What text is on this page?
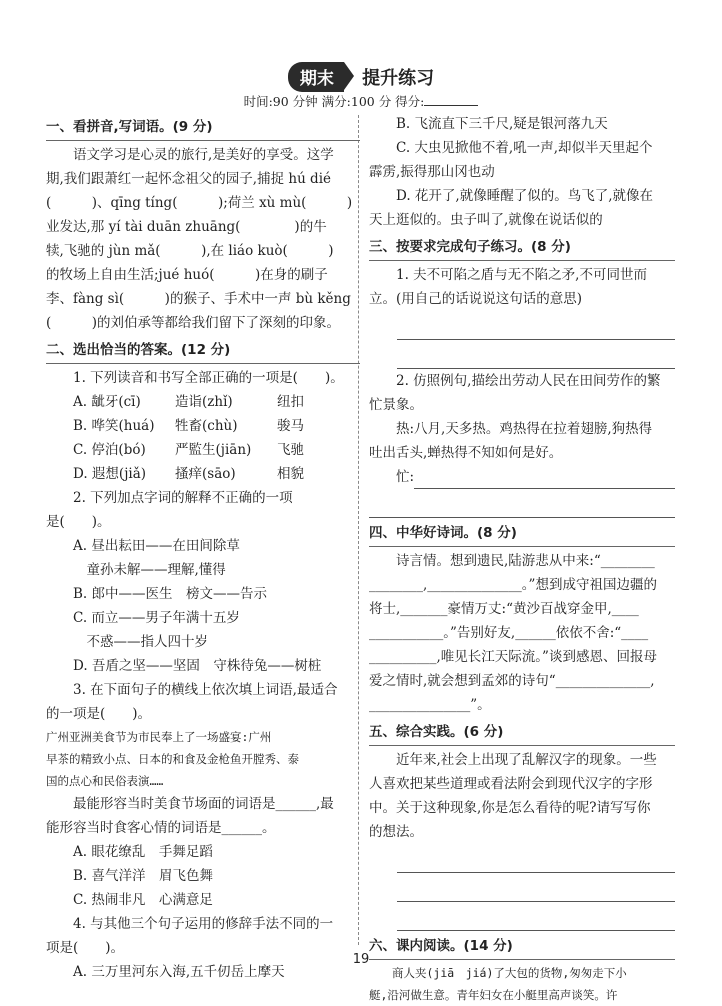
期末 提升练习
时间:90 分钟 满分:100 分 得分:
一、看拼音,写词语。(9 分)

语文学习是心灵的旅行,是美好的享受。这学

期,我们跟萧红一起怀念祖父的园子,捕捉 hú dié

(　　　)、qīng tíng(　　　);荷兰 xù mù(　　　)

业发达,那 yí tài duān zhuāng(　　　　)的牛

犊,飞驰的 jùn mǎ(　　　),在 liáo kuò(　　　)

的牧场上自由生活;jué huó(　　　)在身的刷子

李、fàng sì(　　　)的猴子、手术中一声 bù kěng

(　　　)的刘伯承等都给我们留下了深刻的印象。

二、选出恰当的答案。(12 分)

1. 下列读音和书写全部正确的一项是(　　)。

A. 龇牙(cī)	造诣(zhǐ)	纽扣

B. 哗笑(huá) 牲畜(chù)	骏马

C. 停泊(bó) 严監生(jiān) 飞驰

D. 遐想(jiǎ) 搔痒(sāo)	相貌

2. 下列加点字词的解释不正确的一项

是(　　)。

A. 昼出耘田——在田间除草

童孙未解——理解,懂得

B. 郎中——医生　榜文——告示

C. 而立——男子年满十五岁

不惑——指人四十岁

D. 吾盾之坚——坚固　守株待兔——树桩

3. 在下面句子的横线上依次填上词语,最适合

的一项是(　　)。

广州亚洲美食节为市民奉上了一场盛宴:广州

早茶的精致小点、日本的和食及金枪鱼开膛秀、泰

国的点心和民俗表演……

最能形容当时美食节场面的词语是______,最

能形容当时食客心情的词语是______。

A. 眼花缭乱　手舞足蹈

B. 喜气洋洋　眉飞色舞

C. 热闹非凡　心满意足

4. 与其他三个句子运用的修辞手法不同的一

项是(　　)。

A. 三万里河东入海,五千仞岳上摩天

B. 飞流直下三千尺,疑是银河落九天

C. 大虫见掀他不着,吼一声,却似半天里起个

霹雳,振得那山冈也动

D. 花开了,就像睡醒了似的。鸟飞了,就像在

天上逛似的。虫子叫了,就像在说话似的

三、按要求完成句子练习。(8 分)

1. 夫不可陷之盾与无不陷之矛,不可同世而

立。(用自己的话说说这句话的意思)

2. 仿照例句,描绘出劳动人民在田间劳作的繁

忙景象。

热:八月,天多热。鸡热得在拉着翅膀,狗热得

吐出舌头,蝉热得不知如何是好。

忙:

四、中华好诗词。(8 分)

诗言情。想到遗民,陆游悲从中来:“________

________,______________。”想到成守祖国边疆的

将士,_______豪情万丈:“黄沙百战穿金甲,____

___________。”告别好友,______依依不舍:“____

__________,唯见长江天际流。”谈到感恩、回报母

爱之情时,就会想到孟郊的诗句“______________,

_______________”。

五、综合实践。(6 分)

近年来,社会上出现了乱解汉字的现象。一些

人喜欢把某些道理或看法附会到现代汉字的字形

中。关于这种现象,你是怎么看待的呢?请写写你

的想法。

六、课内阅读。(14 分)

商人夹(jiā　jiá)了大包的货物,匆匆走下小

艇,沿河做生意。青年妇女在小艇里高声谈笑。许

19
